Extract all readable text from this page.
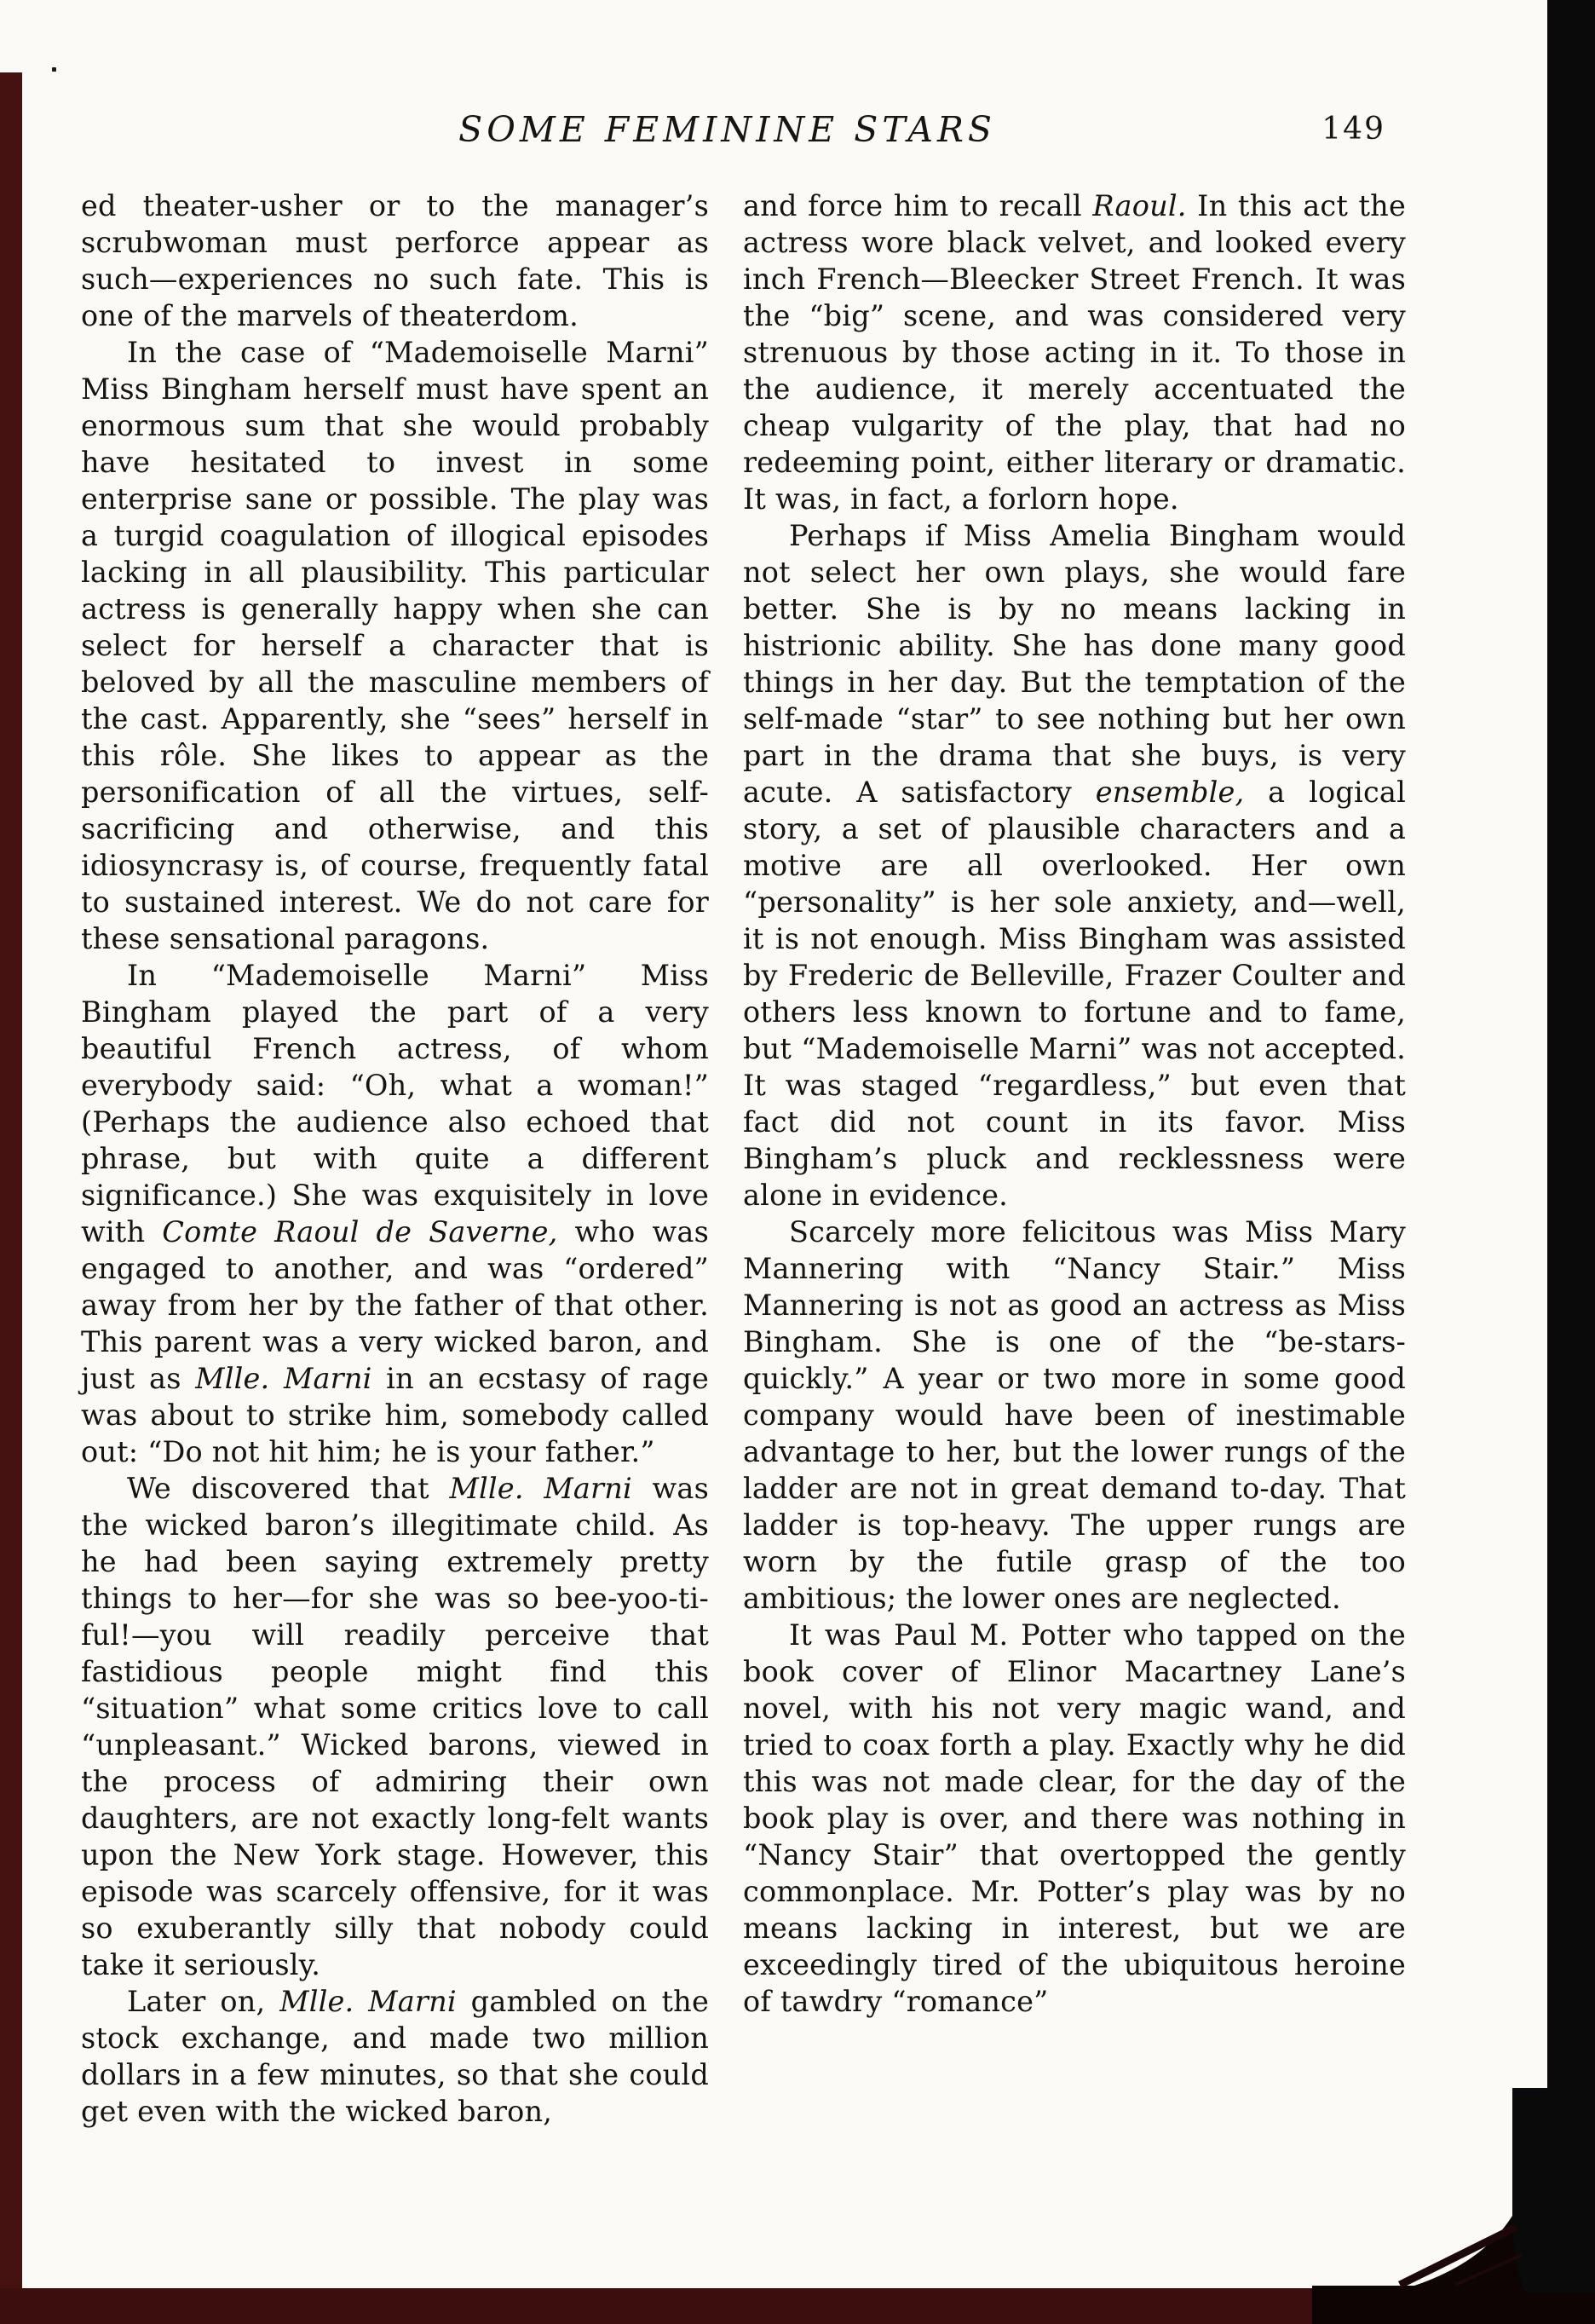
SOME FEMININE STARS	149

ed theater-usher or to the manager’s scrubwoman must perforce appear as such—experiences no such fate. This is one of the marvels of theaterdom.

In the case of “Mademoiselle Marni” Miss Bingham herself must have spent an enormous sum that she would probably have hesitated to invest in some enterprise sane or possible. The play was a turgid coagulation of illogical episodes lacking in all plausibility. This particular actress is generally happy when she can select for herself a character that is beloved by all the masculine members of the cast. Apparently, she “sees” herself in this rôle. She likes to appear as the personification of all the virtues, self-sacrificing and otherwise, and this idiosyncrasy is, of course, frequently fatal to sustained interest. We do not care for these sensational paragons.

In “Mademoiselle Marni” Miss Bingham played the part of a very beautiful French actress, of whom everybody said: “Oh, what a woman!” (Perhaps the audience also echoed that phrase, but with quite a different significance.) She was exquisitely in love with Comte Raoul de Saverne, who was engaged to another, and was “ordered” away from her by the father of that other. This parent was a very wicked baron, and just as Mlle. Marni in an ecstasy of rage was about to strike him, somebody called out: “Do not hit him; he is your father.”

We discovered that Mlle. Marni was the wicked baron’s illegitimate child. As he had been saying extremely pretty things to her—for she was so bee-yoo-ti-ful!—you will readily perceive that fastidious people might find this “situation” what some critics love to call “unpleasant.” Wicked barons, viewed in the process of admiring their own daughters, are not exactly long-felt wants upon the New York stage. However, this episode was scarcely offensive, for it was so exuberantly silly that nobody could take it seriously.

Later on, Mlle. Marni gambled on the stock exchange, and made two million dollars in a few minutes, so that she could get even with the wicked baron,

and force him to recall Raoul. In this act the actress wore black velvet, and looked every inch French—Bleecker Street French. It was the “big” scene, and was considered very strenuous by those acting in it. To those in the audience, it merely accentuated the cheap vulgarity of the play, that had no redeeming point, either literary or dramatic. It was, in fact, a forlorn hope.

Perhaps if Miss Amelia Bingham would not select her own plays, she would fare better. She is by no means lacking in histrionic ability. She has done many good things in her day. But the temptation of the self-made “star” to see nothing but her own part in the drama that she buys, is very acute. A satisfactory ensemble, a logical story, a set of plausible characters and a motive are all overlooked. Her own “personality” is her sole anxiety, and—well, it is not enough. Miss Bingham was assisted by Frederic de Belleville, Frazer Coulter and others less known to fortune and to fame, but “Mademoiselle Marni” was not accepted. It was staged “regardless,” but even that fact did not count in its favor. Miss Bingham’s pluck and recklessness were alone in evidence.

Scarcely more felicitous was Miss Mary Mannering with “Nancy Stair.” Miss Mannering is not as good an actress as Miss Bingham. She is one of the “be-stars-quickly.” A year or two more in some good company would have been of inestimable advantage to her, but the lower rungs of the ladder are not in great demand to-day. That ladder is top-heavy. The upper rungs are worn by the futile grasp of the too ambitious; the lower ones are neglected.

It was Paul M. Potter who tapped on the book cover of Elinor Macartney Lane’s novel, with his not very magic wand, and tried to coax forth a play. Exactly why he did this was not made clear, for the day of the book play is over, and there was nothing in “Nancy Stair” that overtopped the gently commonplace. Mr. Potter’s play was by no means lacking in interest, but we are exceedingly tired of the ubiquitous heroine of tawdry “romance”
